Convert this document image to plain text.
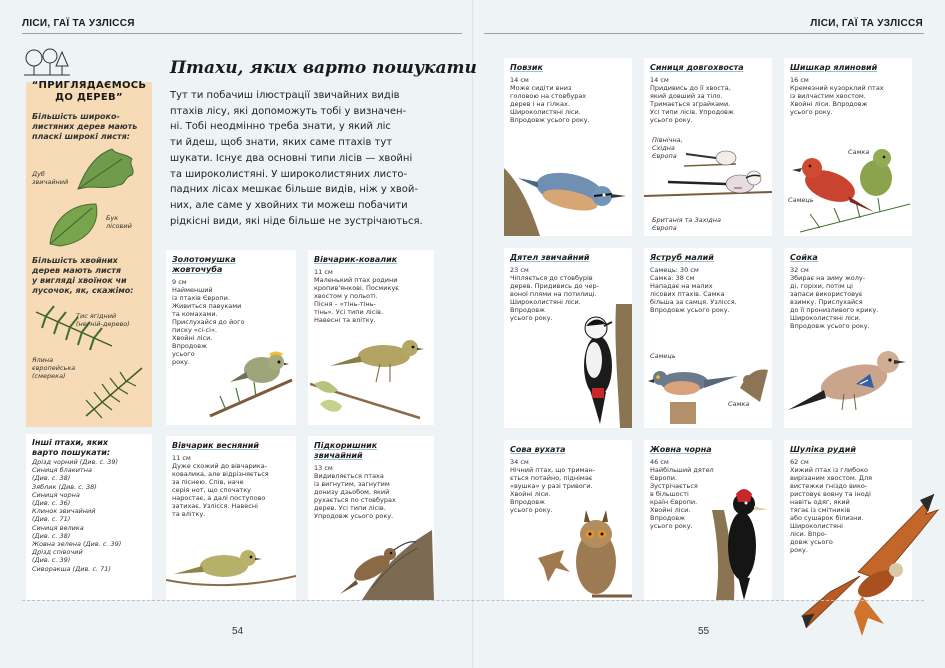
ЛІСИ, ГАЇ ТА УЗЛІССЯ	ЛІСИ, ГАЇ ТА УЗЛІССЯ
“ПРИГЛЯДАЄМОСЬ
ДО ДЕРЕВ”
Більшість широко-
листяних дерев мають
пласкі широкі листя:
Дуб
звичайний
Бук
лісовий
Більшість хвойних
дерев мають листя
у вигляді хвоїнок чи
лусочок, як, скажімо:
Тис ягідний
(негній-дерево)
Ялина
європейська
(смерека)
Птахи, яких варто пошукати
Тут ти побачиш ілюстрації звичайних видів
птахів лісу, які допоможуть тобі у визначен-
ні. Тобі неодмінно треба знати, у який ліс
ти йдеш, щоб знати, яких саме птахів тут
шукати. Існує два основні типи лісів — хвойні
та широколистяні. У широколистяних листо-
падних лісах мешкає більше видів, ніж у хвой-
них, але саме у хвойних ти можеш побачити
рідкісні види, які ніде більше не зустрічаються.
Золотомушка
жовточуба
9 см
Найменший
із птахів Європи.
Живиться павуками
та комахами.
Прислухайся до його
писку «сі-сі».
Хвойні ліси.
Впродовж
усього
року.
Вівчарик-ковалик
11 см
Маленький птах родини
кропив'янкові. Посмикує
хвостом у польоті.
Пісня – «тінь-тінь-
тінь». Усі типи лісів.
Навесні та влітку.
Вівчарик весняний
11 см
Дуже схожий до вівчарика-
ковалика, але відрізняється
за піснею. Спів, наче
серія нот, що спочатку
наростає, а далі поступово
затихає. Узлісся. Навесні
та влітку.
Підкоришник
звичайний
13 см
Видивляється птаха
із вигнутим, загнутим
донизу дзьобом, який
рухається по стовбурах
дерев. Усі типи лісів.
Упродовж усього року.
Інші птахи, яких
варто пошукати:
Дрізд чорний (Див. с. 39)
Синиця блакитна
(Див. с. 38)
Зяблик (Див. с. 38)
Синиця чорна
(Див. с. 36)
Клинок звичайний
(Див. с. 71)
Синиця велика
(Див. с. 38)
Жовна зелена (Див. с. 39)
Дрізд співочий
(Див. с. 39)
Сиворакша (Див. с. 71)
Повзик
14 см
Може сидіти вниз
головою на стовбурах
дерев і на гілках.
Широколистяні ліси.
Впродовж усього року.
Синиця довгохвоста
14 см
Придивись до її хвоста,
який довший за тіло.
Тримається зграйками.
Усі типи лісів. Упродовж
усього року.
Північна,
Східна
Європа
Британія та Західна
Європа
Шишкар ялиновий
16 см
Кремезний кузорклий птах
із вилчастим хвостом.
Хвойні ліси. Впродовж
усього року.
Самка
Самець
Дятел звичайний
23 см
Чіпляється до стовбурів
дерев. Придивись до чер-
воної плями на потилиці.
Широколистяні ліси.
Впродовж
усього року.
Яструб малий
Самець: 30 см
Самка: 38 см
Нападає на малих
лісових птахів. Самка
більша за самця. Узлісся.
Впродовж усього року.
Самець
Самка
Сойка
32 см
Збирає на зиму жолу-
ді, горіхи, потім ці
запаси використовує
взимку. Прислухайся
до її пронизливого крику.
Широколистяні ліси.
Впродовж усього року.
Сова вухата
34 см
Нічний птах, що триман-
ється потайно, піднімає
«вушка» у разі тривоги.
Хвойні ліси.
Впродовж
усього року.
Жовна чорна
46 см
Найбільший дятел
Європи.
Зустрічається
в більшості
країн Європи.
Хвойні ліси.
Впродовж
усього року.
Шуліка рудий
62 см
Хижий птах із глибоко
вирізаним хвостом. Для
вистежки гніздо вико-
ристовує вовну та іноді
навіть одяг, який
тягає із смітників
або сушарок білизни.
Широколистяні
ліси. Впро-
довж усього
року.
54	55
